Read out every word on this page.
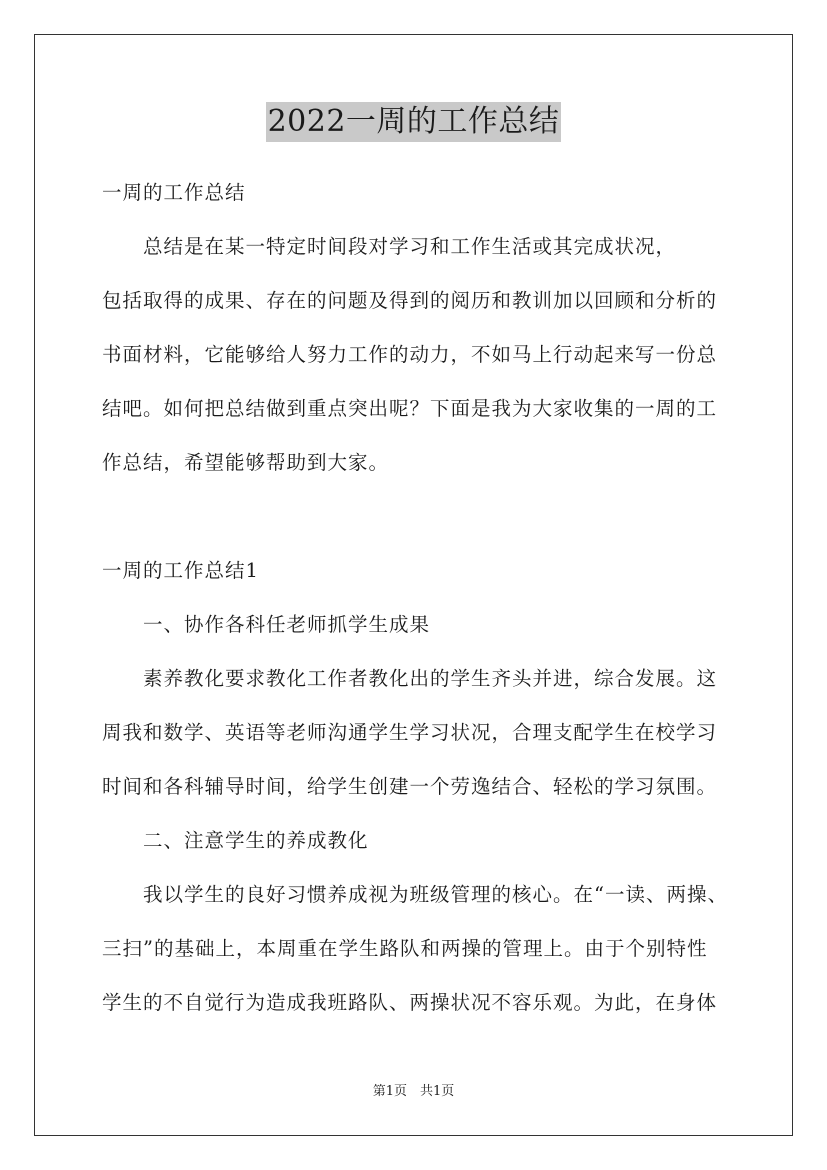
2022一周的工作总结
一周的工作总结
　　总结是在某一特定时间段对学习和工作生活或其完成状况，
包括取得的成果、存在的问题及得到的阅历和教训加以回顾和分析的
书面材料，它能够给人努力工作的动力，不如马上行动起来写一份总
结吧。如何把总结做到重点突出呢？下面是我为大家收集的一周的工
作总结，希望能够帮助到大家。
一周的工作总结1
　　一、协作各科任老师抓学生成果
　　素养教化要求教化工作者教化出的学生齐头并进，综合发展。这
周我和数学、英语等老师沟通学生学习状况，合理支配学生在校学习
时间和各科辅导时间，给学生创建一个劳逸结合、轻松的学习氛围。
　　二、注意学生的养成教化
　　我以学生的良好习惯养成视为班级管理的核心。在“一读、两操、
三扫”的基础上，本周重在学生路队和两操的管理上。由于个别特性
学生的不自觉行为造成我班路队、两操状况不容乐观。为此，在身体
第1页　共1页
